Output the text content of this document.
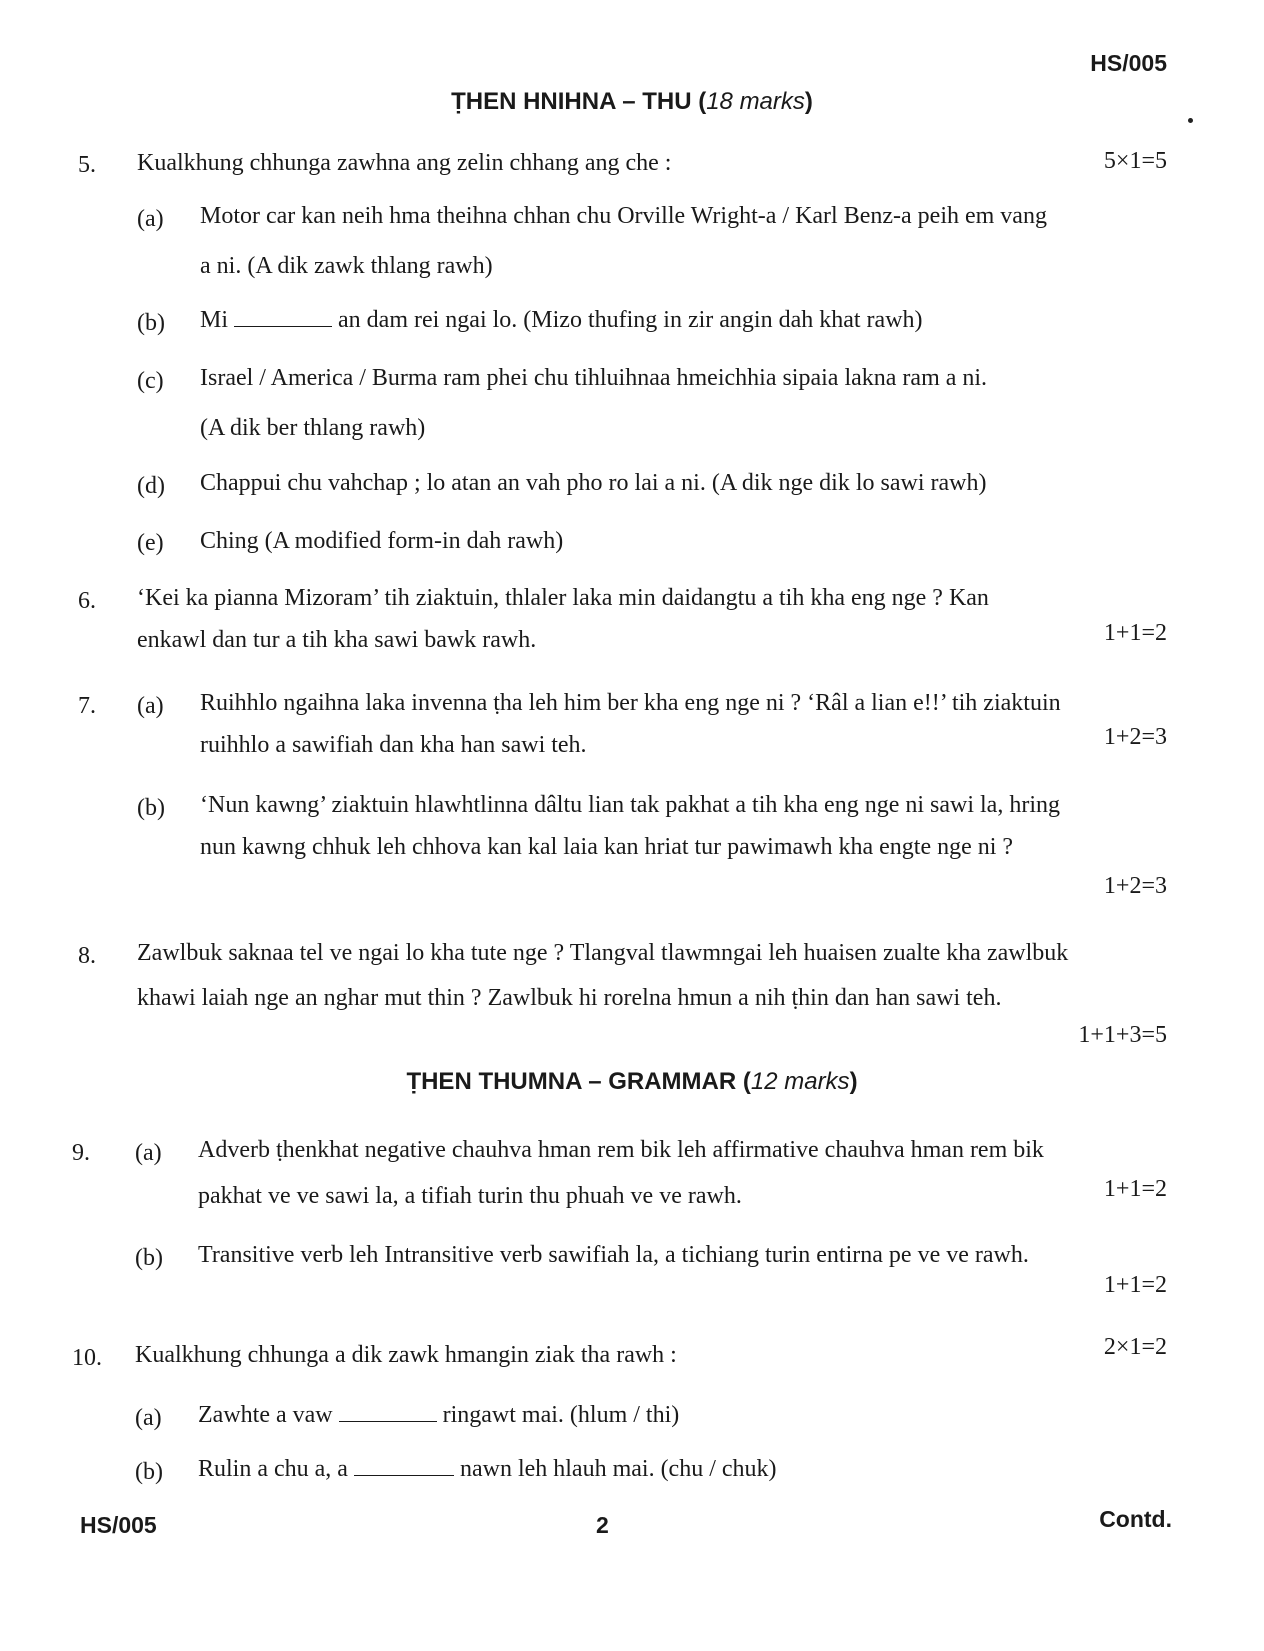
HS/005
ṬHEN HNIHNA – THU (18 marks)
5. Kualkhung chhunga zawhna ang zelin chhang ang che :	5×1=5
(a) Motor car kan neih hma theihna chhan chu Orville Wright-a / Karl Benz-a peih em vang
a ni. (A dik zawk thlang rawh)
(b) Mi	an dam rei ngai lo. (Mizo thufing in zir angin dah khat rawh)
(c) Israel / America / Burma ram phei chu tihluihnaa hmeichhia sipaia lakna ram a ni.
(A dik ber thlang rawh)
(d) Chappui chu vahchap ; lo atan an vah pho ro lai a ni. (A dik nge dik lo sawi rawh)
(e) Ching (A modified form-in dah rawh)
6. ‘Kei ka pianna Mizoram’ tih ziaktuin, thlaler laka min daidangtu a tih kha eng nge ? Kan
enkawl dan tur a tih kha sawi bawk rawh.	1+1=2
7. (a) Ruihhlo ngaihna laka invenna ṭha leh him ber kha eng nge ni ? ‘Râl a lian e!!’ tih ziaktuin
ruihhlo a sawifiah dan kha han sawi teh.	1+2=3
(b) ‘Nun kawng’ ziaktuin hlawhtlinna dâltu lian tak pakhat a tih kha eng nge ni sawi la, hring
nun kawng chhuk leh chhova kan kal laia kan hriat tur pawimawh kha engte nge ni ?
1+2=3
8. Zawlbuk saknaa tel ve ngai lo kha tute nge ? Tlangval tlawmngai leh huaisen zualte kha zawlbuk
khawi laiah nge an nghar mut thin ? Zawlbuk hi rorelna hmun a nih ṭhin dan han sawi teh.
1+1+3=5
ṬHEN THUMNA – GRAMMAR (12 marks)
9. (a) Adverb ṭhenkhat negative chauhva hman rem bik leh affirmative chauhva hman rem bik
pakhat ve ve sawi la, a tifiah turin thu phuah ve ve rawh.	1+1=2
(b) Transitive verb leh Intransitive verb sawifiah la, a tichiang turin entirna pe ve ve rawh.
1+1=2
10. Kualkhung chhunga a dik zawk hmangin ziak tha rawh :	2×1=2
(a) Zawhte a vaw	ringawt mai. (hlum / thi)
(b) Rulin a chu a, a	nawn leh hlauh mai. (chu / chuk)
HS/005	2	Contd.
